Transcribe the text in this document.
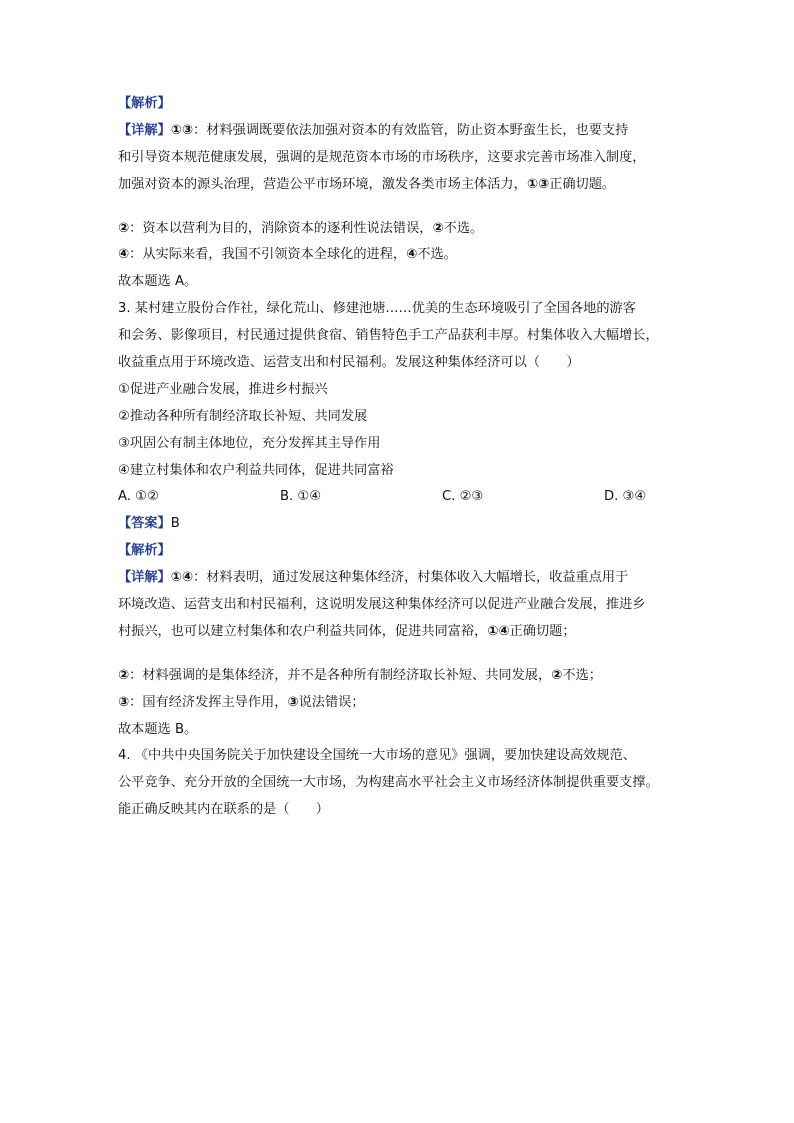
【解析】
【详解】①③：材料强调既要依法加强对资本的有效监管，防止资本野蛮生长，也要支持
和引导资本规范健康发展，强调的是规范资本市场的市场秩序，这要求完善市场准入制度，
加强对资本的源头治理，营造公平市场环境，激发各类市场主体活力，①③正确切题。
②：资本以营利为目的，消除资本的逐利性说法错误，②不选。
④：从实际来看，我国不引领资本全球化的进程，④不选。
故本题选 A。
3. 某村建立股份合作社，绿化荒山、修建池塘……优美的生态环境吸引了全国各地的游客
和会务、影像项目，村民通过提供食宿、销售特色手工产品获利丰厚。村集体收入大幅增长，
收益重点用于环境改造、运营支出和村民福利。发展这种集体经济可以（　　）
①促进产业融合发展，推进乡村振兴
②推动各种所有制经济取长补短、共同发展
③巩固公有制主体地位，充分发挥其主导作用
④建立村集体和农户利益共同体，促进共同富裕
A. ①②	B. ①④	C. ②③	D. ③④
【答案】B
【解析】
【详解】①④：材料表明，通过发展这种集体经济，村集体收入大幅增长，收益重点用于
环境改造、运营支出和村民福利，这说明发展这种集体经济可以促进产业融合发展，推进乡
村振兴，也可以建立村集体和农户利益共同体，促进共同富裕，①④正确切题；
②：材料强调的是集体经济，并不是各种所有制经济取长补短、共同发展，②不选；
③：国有经济发挥主导作用，③说法错误；
故本题选 B。
4. 《中共中央国务院关于加快建设全国统一大市场的意见》强调，要加快建设高效规范、
公平竞争、充分开放的全国统一大市场，为构建高水平社会主义市场经济体制提供重要支撑。
能正确反映其内在联系的是（　　）
